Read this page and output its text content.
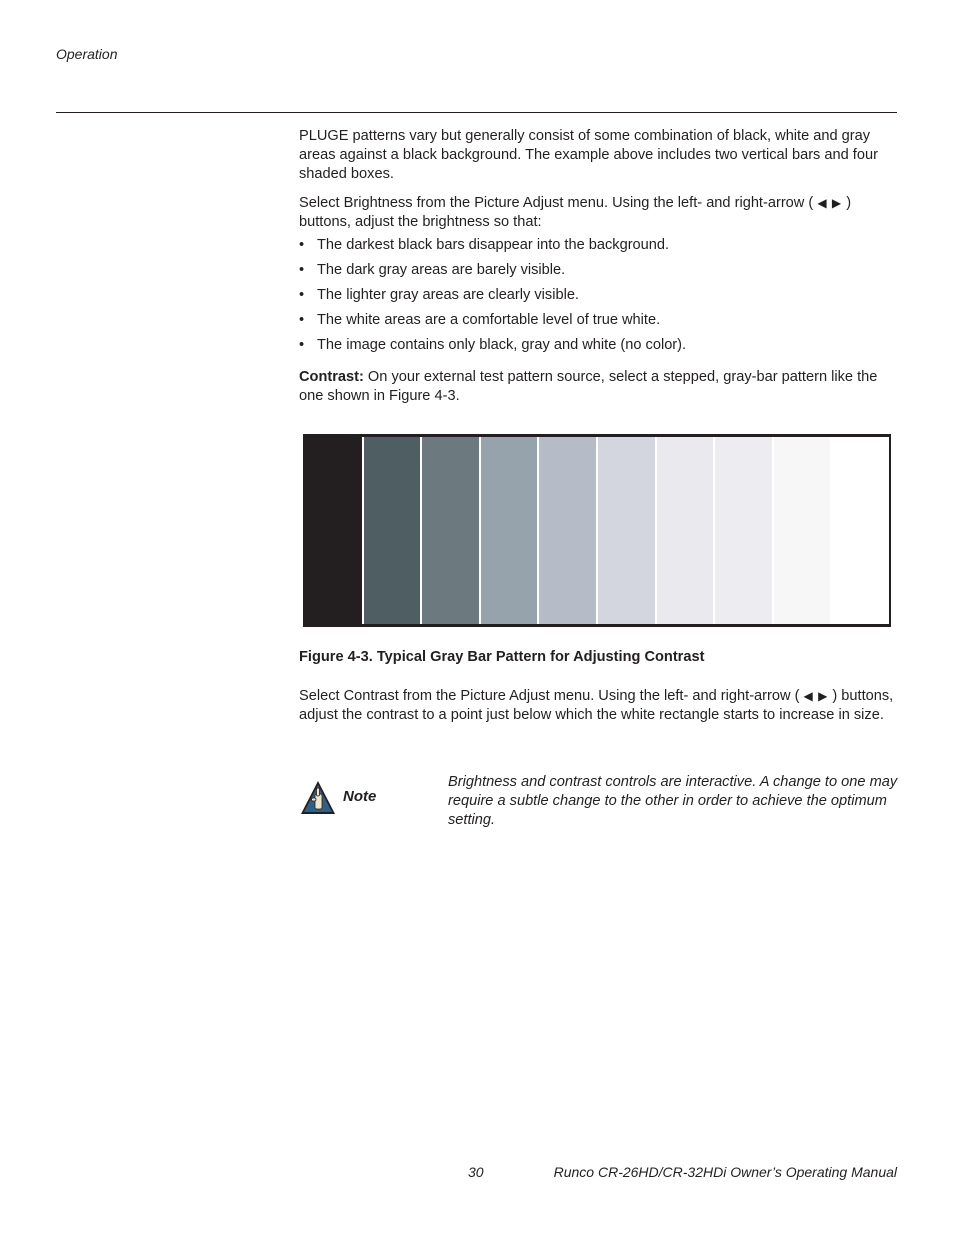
Operation

PLUGE patterns vary but generally consist of some combination of black, white and gray areas against a black background. The example above includes two vertical bars and four shaded boxes.

Select Brightness from the Picture Adjust menu. Using the left- and right-arrow ( ◀ ▶ ) buttons, adjust the brightness so that:

• The darkest black bars disappear into the background.
• The dark gray areas are barely visible.
• The lighter gray areas are clearly visible.
• The white areas are a comfortable level of true white.
• The image contains only black, gray and white (no color).

Contrast: On your external test pattern source, select a stepped, gray-bar pattern like the one shown in Figure 4-3.

Figure 4-3. Typical Gray Bar Pattern for Adjusting Contrast

Select Contrast from the Picture Adjust menu. Using the left- and right-arrow ( ◀ ▶ ) buttons, adjust the contrast to a point just below which the white rectangle starts to increase in size.

Note
Brightness and contrast controls are interactive. A change to one may require a subtle change to the other in order to achieve the optimum setting.
30	Runco CR-26HD/CR-32HDi Owner’s Operating Manual
